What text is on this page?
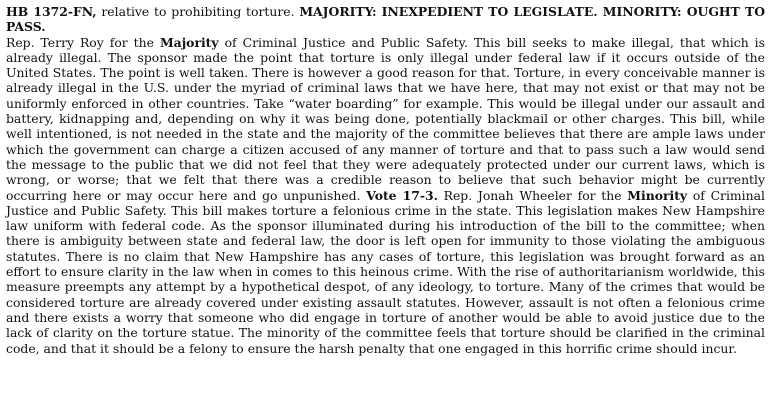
HB 1372-FN, relative to prohibiting torture. MAJORITY: INEXPEDIENT TO LEGISLATE. MINORITY: OUGHT TO PASS.

Rep. Terry Roy for the Majority of Criminal Justice and Public Safety. This bill seeks to make illegal, that which is already illegal. The sponsor made the point that torture is only illegal under federal law if it occurs outside of the United States. The point is well taken. There is however a good reason for that. Torture, in every conceivable manner is already illegal in the U.S. under the myriad of criminal laws that we have here, that may not exist or that may not be uniformly enforced in other countries. Take “water boarding” for example. This would be illegal under our assault and battery, kidnapping and, depending on why it was being done, potentially blackmail or other charges. This bill, while well intentioned, is not needed in the state and the majority of the committee believes that there are ample laws under which the government can charge a citizen accused of any manner of torture and that to pass such a law would send the message to the public that we did not feel that they were adequately protected under our current laws, which is wrong, or worse; that we felt that there was a credible reason to believe that such behavior might be currently occurring here or may occur here and go unpunished. Vote 17-3. Rep. Jonah Wheeler for the Minority of Criminal Justice and Public Safety. This bill makes torture a felonious crime in the state. This legislation makes New Hampshire law uniform with federal code. As the sponsor illuminated during his introduction of the bill to the committee; when there is ambiguity between state and federal law, the door is left open for immunity to those violating the ambiguous statutes. There is no claim that New Hampshire has any cases of torture, this legislation was brought forward as an effort to ensure clarity in the law when in comes to this heinous crime. With the rise of authoritarianism worldwide, this measure preempts any attempt by a hypothetical despot, of any ideology, to torture. Many of the crimes that would be considered torture are already covered under existing assault statutes. However, assault is not often a felonious crime and there exists a worry that someone who did engage in torture of another would be able to avoid justice due to the lack of clarity on the torture statue. The minority of the committee feels that torture should be clarified in the criminal code, and that it should be a felony to ensure the harsh penalty that one engaged in this horrific crime should incur.
